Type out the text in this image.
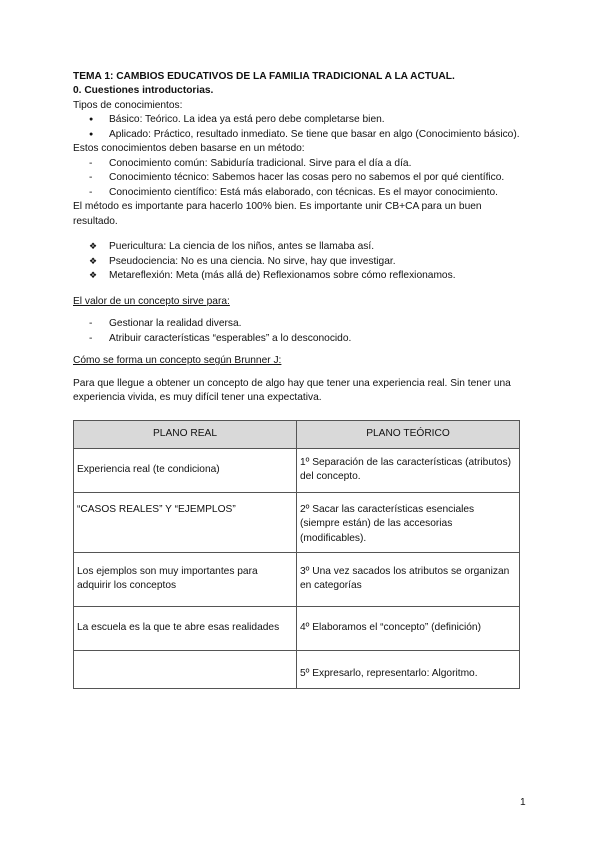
TEMA 1: CAMBIOS EDUCATIVOS DE LA FAMILIA TRADICIONAL A LA ACTUAL.

0. Cuestiones introductorias.

Tipos de conocimientos:

● Básico: Teórico. La idea ya está pero debe completarse bien.
● Aplicado: Práctico, resultado inmediato. Se tiene que basar en algo (Conocimiento básico).

Estos conocimientos deben basarse en un método:

- Conocimiento común: Sabiduría tradicional. Sirve para el día a día.
- Conocimiento técnico: Sabemos hacer las cosas pero no sabemos el por qué científico.
- Conocimiento científico: Está más elaborado, con técnicas. Es el mayor conocimiento.

El método es importante para hacerlo 100% bien. Es importante unir CB+CA para un buen resultado.

❖ Puericultura: La ciencia de los niños, antes se llamaba así.
❖ Pseudociencia: No es una ciencia. No sirve, hay que investigar.
❖ Metareflexión: Meta (más allá de) Reflexionamos sobre cómo reflexionamos.

El valor de un concepto sirve para:

- Gestionar la realidad diversa.
- Atribuir características “esperables” a lo desconocido.

Cómo se forma un concepto según Brunner J:

Para que llegue a obtener un concepto de algo hay que tener una experiencia real. Sin tener una experiencia vivida, es muy difícil tener una expectativa.

PLANO REAL	PLANO TEÓRICO
Experiencia real (te condiciona)	1º Separación de las características (atributos) del concepto.
“CASOS REALES” Y “EJEMPLOS”	2º Sacar las características esenciales (siempre están) de las accesorias (modificables).
Los ejemplos son muy importantes para adquirir los conceptos	3º Una vez sacados los atributos se organizan en categorías
La escuela es la que te abre esas realidades	4º Elaboramos el “concepto” (definición)
	5º Expresarlo, representarlo: Algoritmo.
1
